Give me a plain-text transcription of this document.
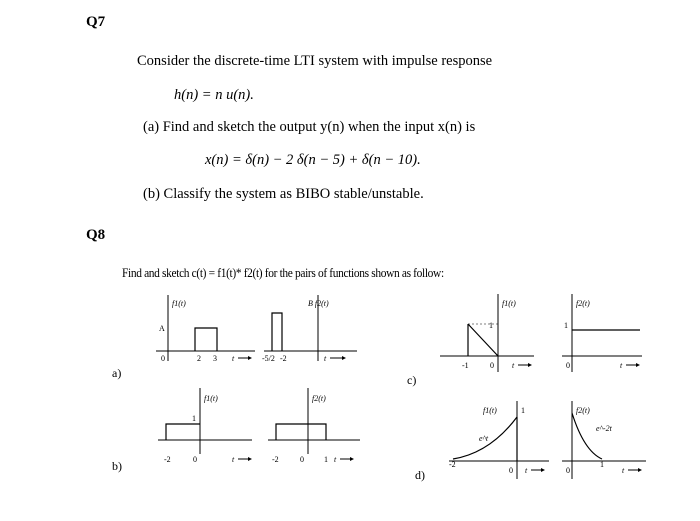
Q7
Consider the discrete-time LTI system with impulse response
h(n) = n u(n).
(a) Find and sketch the output y(n) when the input x(n) is
x(n) = δ(n) − 2 δ(n − 5) + δ(n − 10).
(b) Classify the system as BIBO stable/unstable.
Q8
Find and sketch c(t) = f1(t)* f2(t) for the pairs of functions shown as follow:
a)
b)
c)
d)
f1(t)
A
0	2 3 t
B f2(t)
-5/2 -2	t
f1(t)
1
-2	0	t
f2(t)
-2	0	1 t
f1(t)
1
-1	0 t
f2(t)
1
0	t
f1(t)	1
e^t
-2
0 t
f2(t)
e^-2t
0
1
t
